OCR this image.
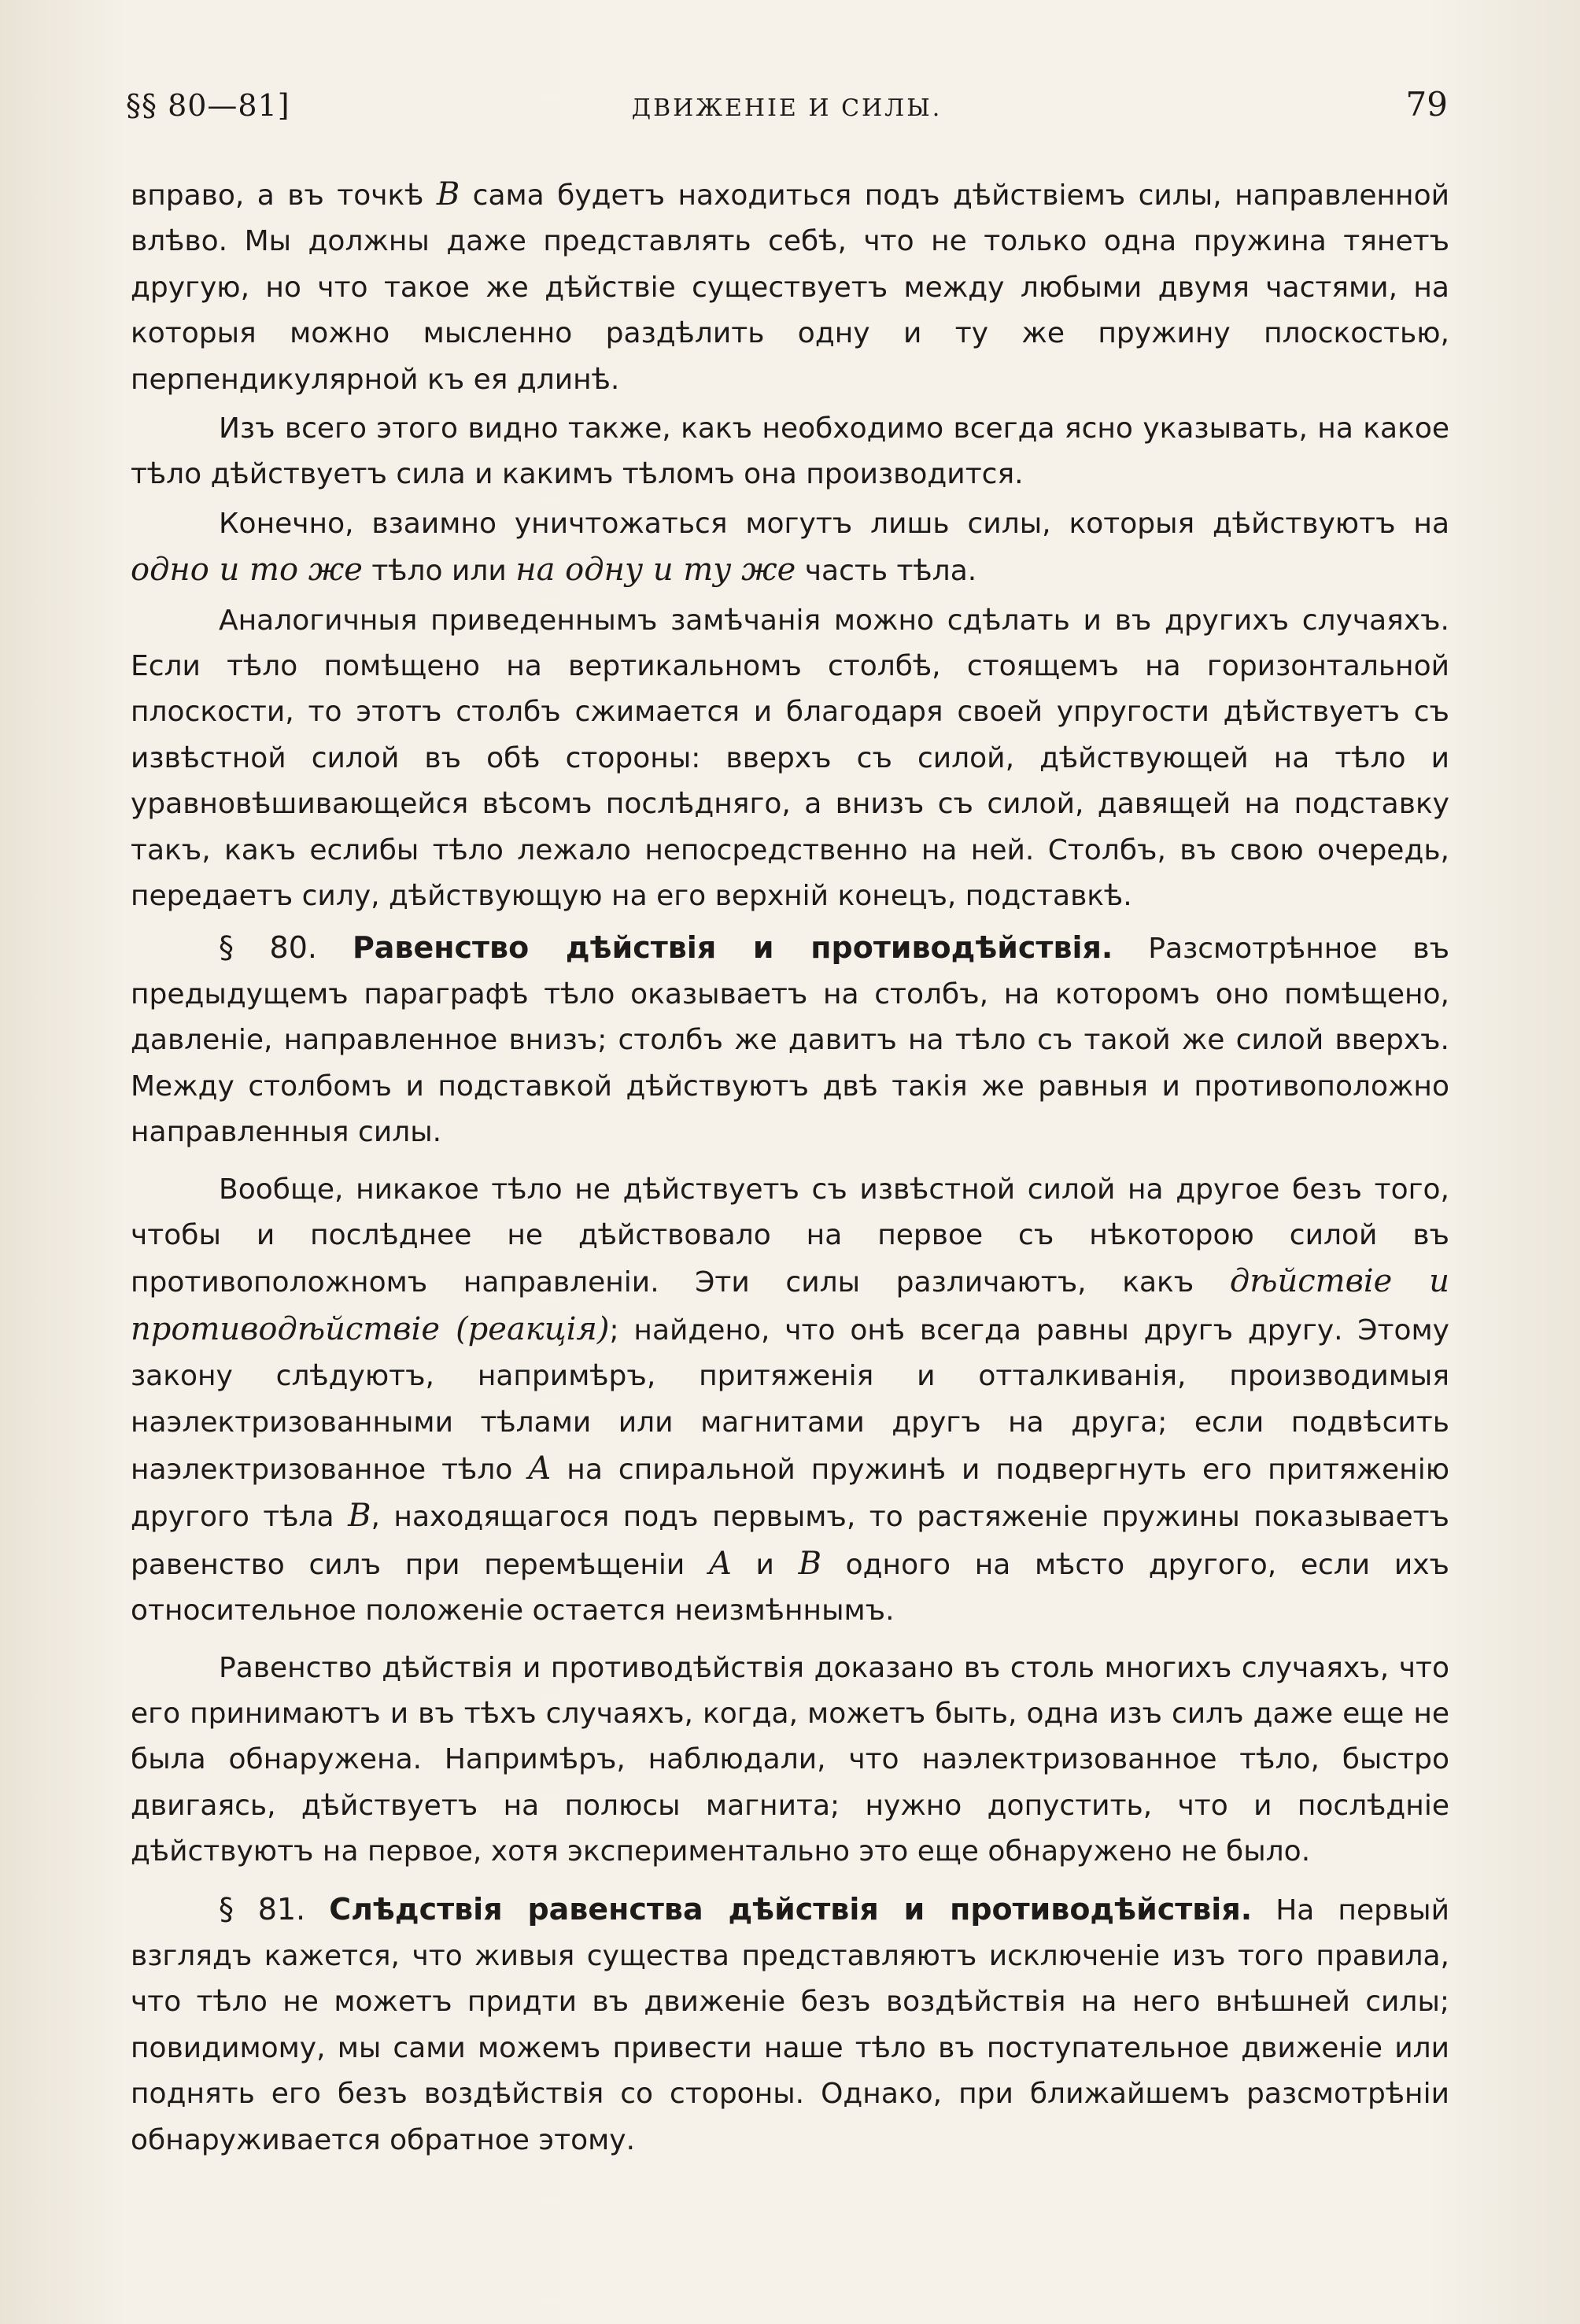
§§ 80—81]	ДВИЖЕНІЕ И СИЛЫ.	79

вправо, а въ точкѣ B сама будетъ находиться подъ дѣйствіемъ силы, направленной влѣво. Мы должны даже представлять себѣ, что не только одна пружина тянетъ другую, но что такое же дѣйствіе существуетъ между любыми двумя частями, на которыя можно мысленно раздѣлить одну и ту же пружину плоскостью, перпендикулярной къ ея длинѣ.

Изъ всего этого видно также, какъ необходимо всегда ясно указывать, на какое тѣло дѣйствуетъ сила и какимъ тѣломъ она производится.

Конечно, взаимно уничтожаться могутъ лишь силы, которыя дѣйствуютъ на одно и то же тѣло или на одну и ту же часть тѣла.

Аналогичныя приведеннымъ замѣчанія можно сдѣлать и въ другихъ случаяхъ. Если тѣло помѣщено на вертикальномъ столбѣ, стоящемъ на горизонтальной плоскости, то этотъ столбъ сжимается и благодаря своей упругости дѣйствуетъ съ извѣстной силой въ обѣ стороны: вверхъ съ силой, дѣйствующей на тѣло и уравновѣшивающейся вѣсомъ послѣдняго, а внизъ съ силой, давящей на подставку такъ, какъ еслибы тѣло лежало непосредственно на ней. Столбъ, въ свою очередь, передаетъ силу, дѣйствующую на его верхній конецъ, подставкѣ.

§ 80. Равенство дѣйствія и противодѣйствія. Разсмотрѣнное въ предыдущемъ параграфѣ тѣло оказываетъ на столбъ, на которомъ оно помѣщено, давленіе, направленное внизъ; столбъ же давитъ на тѣло съ такой же силой вверхъ. Между столбомъ и подставкой дѣйствуютъ двѣ такія же равныя и противоположно направленныя силы.

Вообще, никакое тѣло не дѣйствуетъ съ извѣстной силой на другое безъ того, чтобы и послѣднее не дѣйствовало на первое съ нѣкоторою силой въ противоположномъ направленіи. Эти силы различаютъ, какъ дѣйствіе и противодѣйствіе (реакція); найдено, что онѣ всегда равны другъ другу. Этому закону слѣдуютъ, напримѣръ, притяженія и отталкиванія, производимыя наэлектризованными тѣлами или магнитами другъ на друга; если подвѣсить наэлектризованное тѣло A на спиральной пружинѣ и подвергнуть его притяженію другого тѣла B, находящагося подъ первымъ, то растяженіе пружины показываетъ равенство силъ при перемѣщеніи A и B одного на мѣсто другого, если ихъ относительное положеніе остается неизмѣннымъ.

Равенство дѣйствія и противодѣйствія доказано въ столь многихъ случаяхъ, что его принимаютъ и въ тѣхъ случаяхъ, когда, можетъ быть, одна изъ силъ даже еще не была обнаружена. Напримѣръ, наблюдали, что наэлектризованное тѣло, быстро двигаясь, дѣйствуетъ на полюсы магнита; нужно допустить, что и послѣдніе дѣйствуютъ на первое, хотя экспериментально это еще обнаружено не было.

§ 81. Слѣдствія равенства дѣйствія и противодѣйствія. На первый взглядъ кажется, что живыя существа представляютъ исключеніе изъ того правила, что тѣло не можетъ придти въ движеніе безъ воздѣйствія на него внѣшней силы; повидимому, мы сами можемъ привести наше тѣло въ поступательное движеніе или поднять его безъ воздѣйствія со стороны. Однако, при ближайшемъ разсмотрѣніи обнаруживается обратное этому.
